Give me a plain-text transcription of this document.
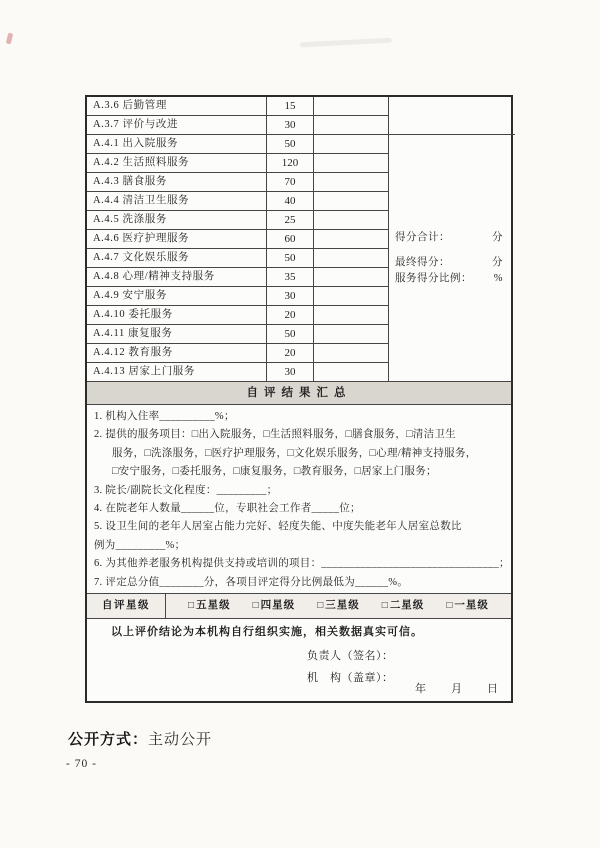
A.3.6 后勤管理	15
A.3.7 评价与改进	30
A.4.1 出入院服务	50
A.4.2 生活照料服务	120
A.4.3 膳食服务	70
A.4.4 清洁卫生服务	40
A.4.5 洗涤服务	25
A.4.6 医疗护理服务	60
A.4.7 文化娱乐服务	50
A.4.8 心理/精神支持服务	35
A.4.9 安宁服务	30
A.4.10 委托服务	20
A.4.11 康复服务	50
A.4.12 教育服务	20
A.4.13 居家上门服务	30
得分合计：	分
最终得分：	分
服务得分比例： %
自评结果汇总
1. 机构入住率__________%；
2. 提供的服务项目：□出入院服务，□生活照料服务，□膳食服务，□清洁卫生
服务，□洗涤服务，□医疗护理服务，□文化娱乐服务，□心理/精神支持服务，
□安宁服务，□委托服务，□康复服务，□教育服务，□居家上门服务；
3. 院长/副院长文化程度：_________；
4. 在院老年人数量______位，专职社会工作者_____位；
5. 设卫生间的老年人居室占能力完好、轻度失能、中度失能老年人居室总数比
例为_________%；
6. 为其他养老服务机构提供支持或培训的项目：________________________________；
7. 评定总分值________分，各项目评定得分比例最低为______%。
自评星级	□ 五星级 □ 四星级 □ 三星级 □ 二星级 □ 一星级
以上评价结论为本机构自行组织实施，相关数据真实可信。
负责人（签名）：
机　构（盖章）：
年　　月　　日
公开方式：主动公开
- 70 -
